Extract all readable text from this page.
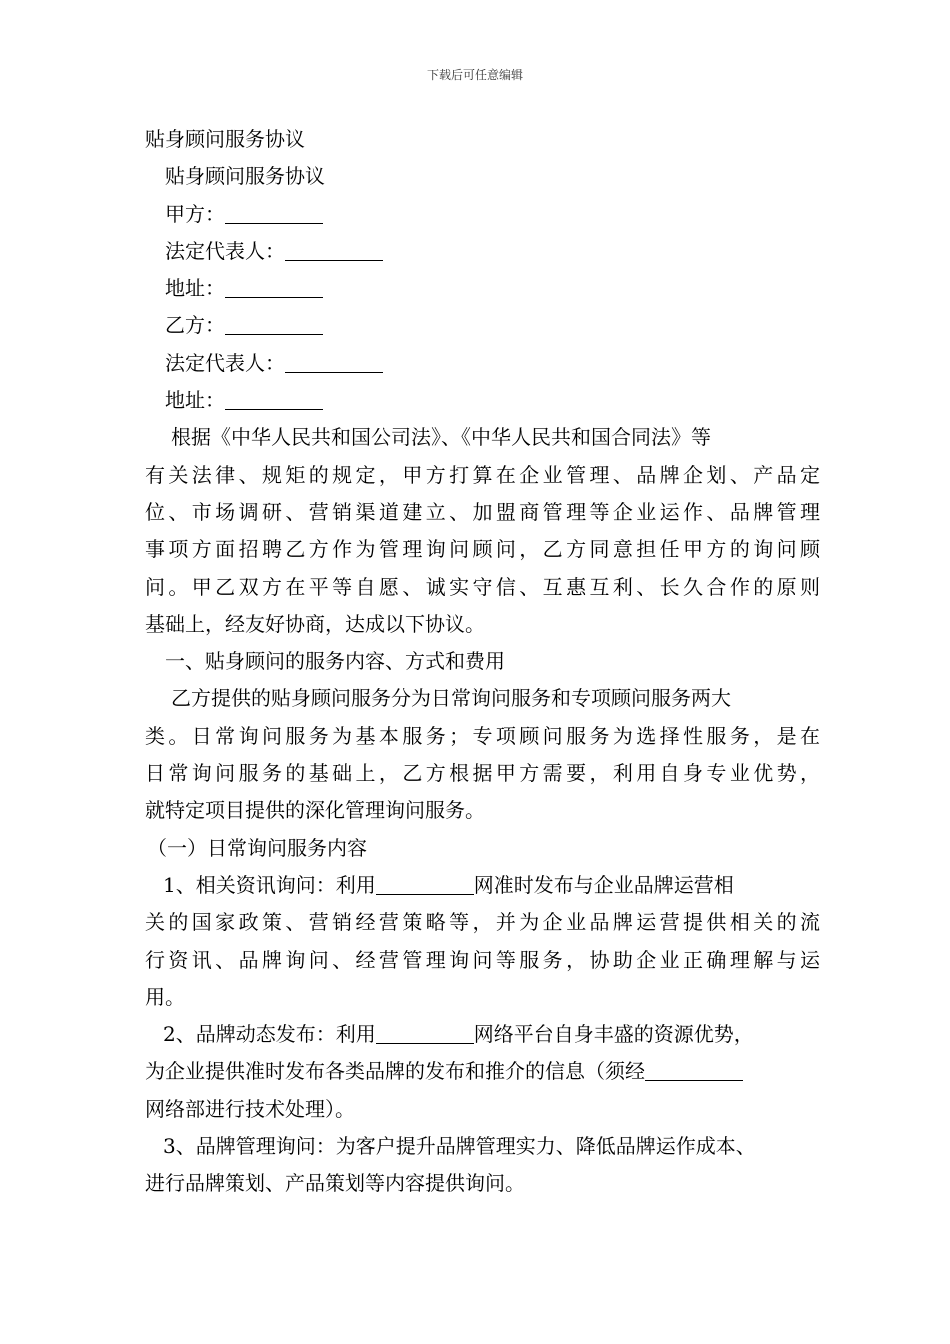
下载后可任意编辑
贴身顾问服务协议
贴身顾问服务协议
甲方：
法定代表人：
地址：
乙方：
法定代表人：
地址：
根据《中华人民共和国公司法》、《中华人民共和国合同法》等
有关法律、规矩的规定，甲方打算在企业管理、品牌企划、产品定
位、市场调研、营销渠道建立、加盟商管理等企业运作、品牌管理
事项方面招聘乙方作为管理询问顾问，乙方同意担任甲方的询问顾
问。甲乙双方在平等自愿、诚实守信、互惠互利、长久合作的原则
基础上，经友好协商，达成以下协议。
一、贴身顾问的服务内容、方式和费用
乙方提供的贴身顾问服务分为日常询问服务和专项顾问服务两大
类。日常询问服务为基本服务；专项顾问服务为选择性服务，是在
日常询问服务的基础上，乙方根据甲方需要，利用自身专业优势，
就特定项目提供的深化管理询问服务。
（一）日常询问服务内容
1、相关资讯询问：利用	网准时发布与企业品牌运营相
关的国家政策、营销经营策略等，并为企业品牌运营提供相关的流
行资讯、品牌询问、经营管理询问等服务，协助企业正确理解与运
用。
2、品牌动态发布：利用	网络平台自身丰盛的资源优势，
为企业提供准时发布各类品牌的发布和推介的信息（须经
网络部进行技术处理）。
3、品牌管理询问：为客户提升品牌管理实力、降低品牌运作成本、
进行品牌策划、产品策划等内容提供询问。
